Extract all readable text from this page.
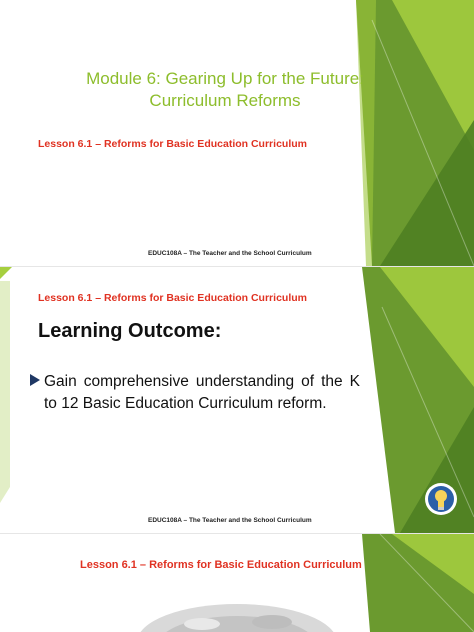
Module 6: Gearing Up for the Future:
Curriculum Reforms
Lesson 6.1 – Reforms for Basic Education Curriculum
EDUC108A – The Teacher and the School Curriculum
Lesson 6.1 – Reforms for Basic Education Curriculum
Learning Outcome:
Gain comprehensive understanding of the K to 12 Basic Education Curriculum reform.
EDUC108A – The Teacher and the School Curriculum
Lesson 6.1 – Reforms for Basic Education Curriculum
